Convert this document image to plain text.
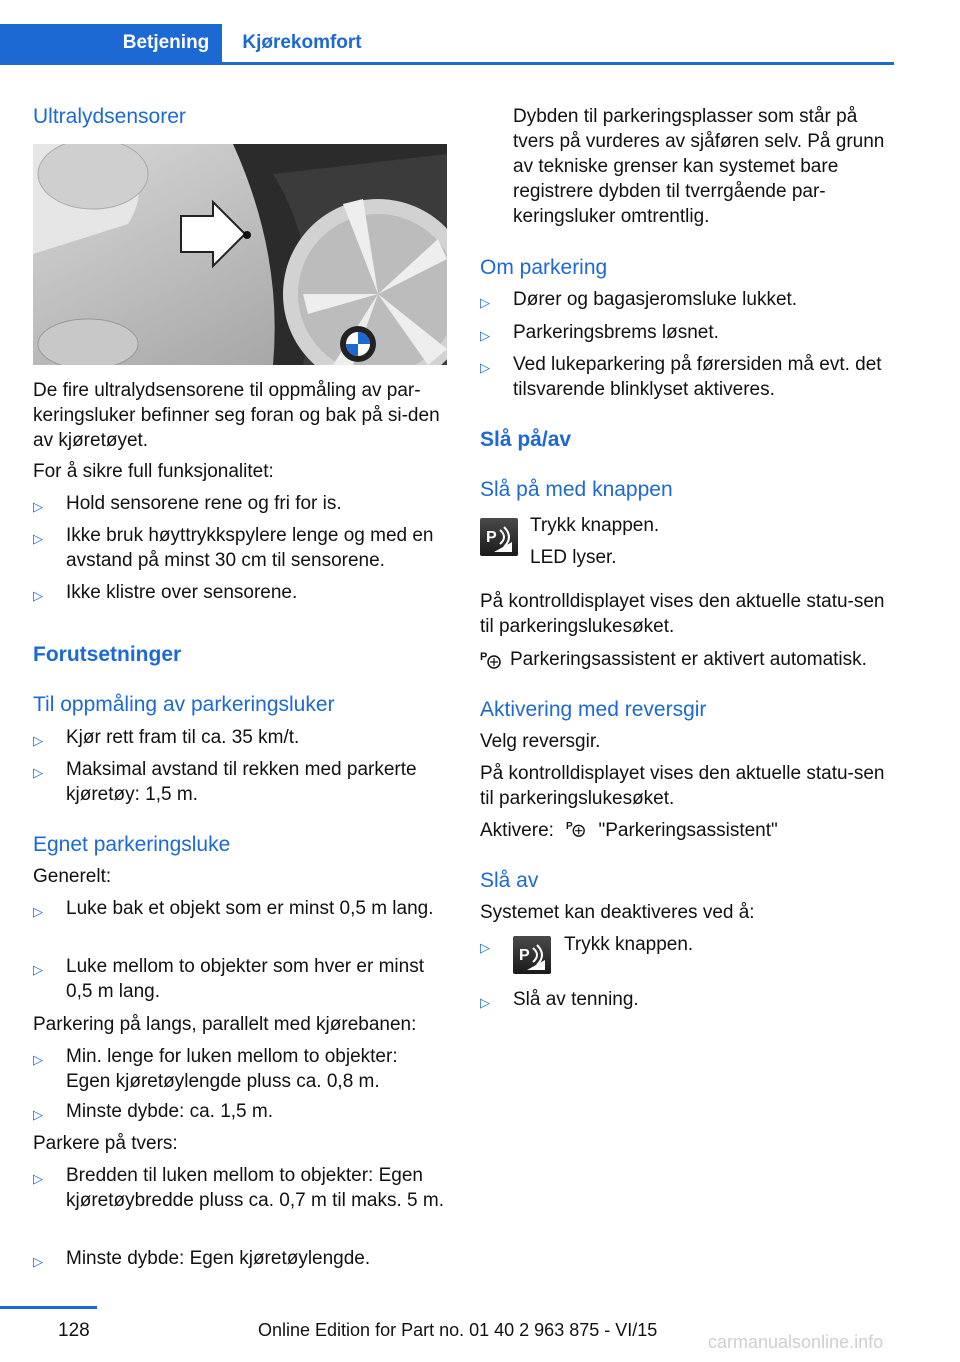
Betjening	Kjørekomfort
Ultralydsensorer
De fire ultralydsensorene til oppmåling av par-keringsluker befinner seg foran og bak på si-den av kjøretøyet.
For å sikre full funksjonalitet:
▷ Hold sensorene rene og fri for is.
▷ Ikke bruk høyttrykkspylere lenge og med en avstand på minst 30 cm til sensorene.
▷ Ikke klistre over sensorene.
Forutsetninger
Til oppmåling av parkeringsluker
▷ Kjør rett fram til ca. 35 km/t.
▷ Maksimal avstand til rekken med parkerte kjøretøy: 1,5 m.
Egnet parkeringsluke
Generelt:
▷ Luke bak et objekt som er minst 0,5 m lang.
▷ Luke mellom to objekter som hver er minst 0,5 m lang.
Parkering på langs, parallelt med kjørebanen:
▷ Min. lenge for luken mellom to objekter: Egen kjøretøylengde pluss ca. 0,8 m.
▷ Minste dybde: ca. 1,5 m.
Parkere på tvers:
▷ Bredden til luken mellom to objekter: Egen kjøretøybredde pluss ca. 0,7 m til maks. 5 m.
▷ Minste dybde: Egen kjøretøylengde.
Dybden til parkeringsplasser som står på tvers på vurderes av sjåføren selv. På grunn av tekniske grenser kan systemet bare registrere dybden til tverrgående par-keringsluker omtrentlig.
Om parkering
▷ Dører og bagasjeromsluke lukket.
▷ Parkeringsbrems løsnet.
▷ Ved lukeparkering på førersiden må evt. det tilsvarende blinklyset aktiveres.
Slå på/av
Slå på med knappen
P
Trykk knappen.
LED lyser.
På kontrolldisplayet vises den aktuelle statu-sen til parkeringslukesøket.
P Parkeringsassistent er aktivert automatisk.
Aktivering med reversgir
Velg reversgir.
På kontrolldisplayet vises den aktuelle statu-sen til parkeringslukesøket.
Aktivere: P "Parkeringsassistent"
Slå av
Systemet kan deaktiveres ved å:
▷ P
Trykk knappen.
▷ Slå av tenning.
128	Online Edition for Part no. 01 40 2 963 875 - VI/15
carmanualsonline.info
